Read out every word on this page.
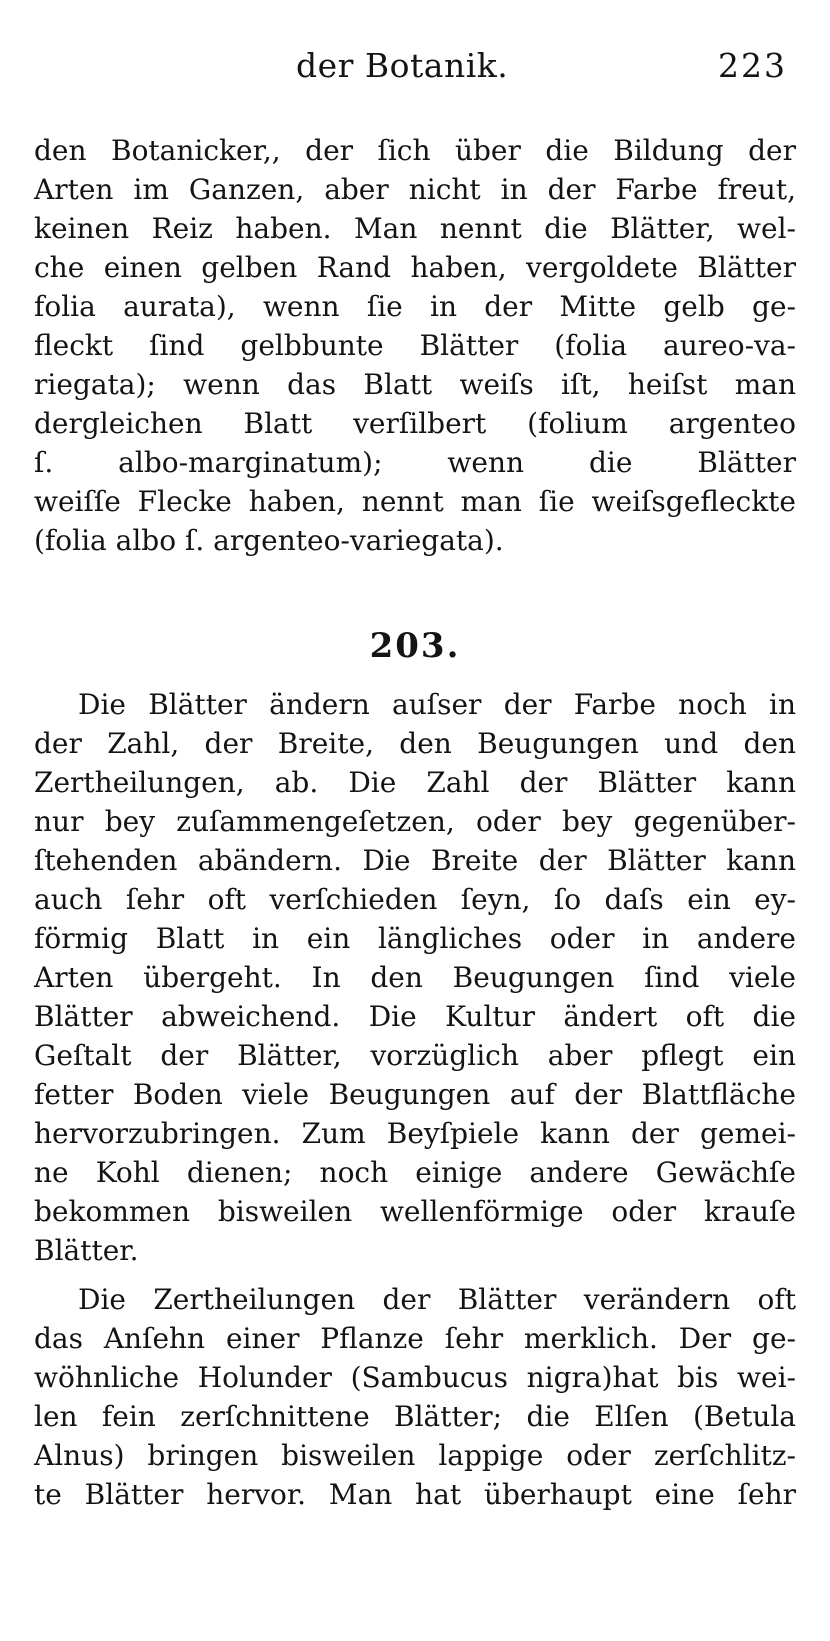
der Botanik.	223
den Botanicker,, der ſich über die Bildung der
Arten im Ganzen, aber nicht in der Farbe freut,
keinen Reiz haben. Man nennt die Blätter, wel-
che einen gelben Rand haben, vergoldete Blätter
folia aurata), wenn ſie in der Mitte gelb ge-
fleckt ſind gelbbunte Blätter (folia aureo-va-
riegata); wenn das Blatt weiſs iſt, heiſst man
dergleichen Blatt verſilbert (folium argenteo
ſ. albo-marginatum); wenn die Blätter
weiſſe Flecke haben, nennt man ſie weiſsgefleckte
(folia albo ſ. argenteo-variegata).
203.
Die Blätter ändern auſser der Farbe noch in
der Zahl, der Breite, den Beugungen und den
Zertheilungen, ab. Die Zahl der Blätter kann
nur bey zuſammengeſetzen, oder bey gegenüber-
ſtehenden abändern. Die Breite der Blätter kann
auch ſehr oft verſchieden ſeyn, ſo daſs ein ey-
förmig Blatt in ein längliches oder in andere
Arten übergeht. In den Beugungen ſind viele
Blätter abweichend. Die Kultur ändert oft die
Geſtalt der Blätter, vorzüglich aber pflegt ein
fetter Boden viele Beugungen auf der Blattfläche
hervorzubringen. Zum Beyſpiele kann der gemei-
ne Kohl dienen; noch einige andere Gewächſe
bekommen bisweilen wellenförmige oder krauſe
Blätter.
Die Zertheilungen der Blätter verändern oft
das Anſehn einer Pflanze ſehr merklich. Der ge-
wöhnliche Holunder (Sambucus nigra)hat bis wei-
len fein zerſchnittene Blätter; die Elſen (Betula
Alnus) bringen bisweilen lappige oder zerſchlitz-
te Blätter hervor. Man hat überhaupt eine ſehr
